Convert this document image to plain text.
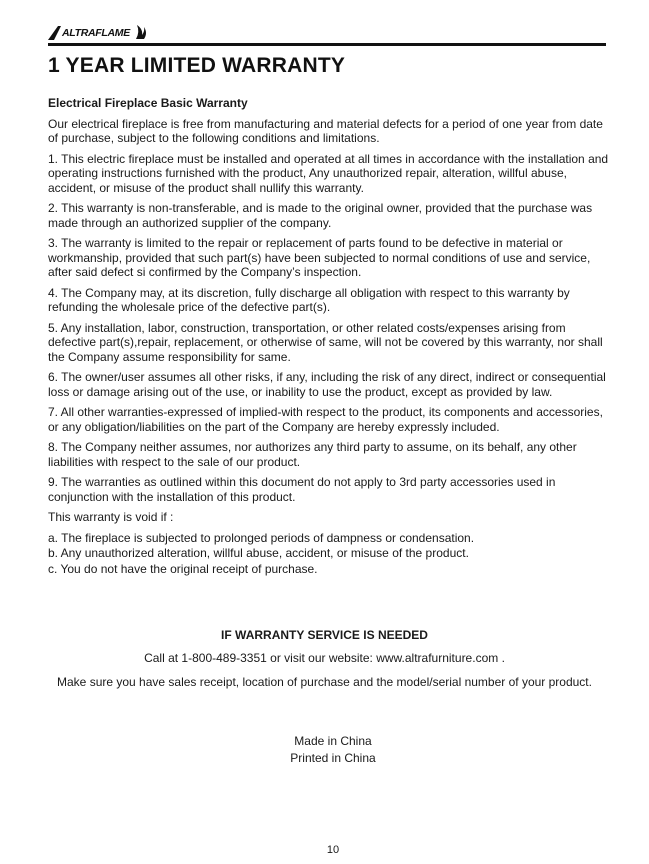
ALTRAFLAME
1 YEAR LIMITED WARRANTY

Electrical Fireplace Basic Warranty

Our electrical fireplace is free from manufacturing and material defects for a period of one year from date of purchase, subject to the following conditions and limitations.

1. This electric fireplace must be installed and operated at all times in accordance with the installation and operating instructions furnished with the product, Any unauthorized repair, alteration, willful abuse, accident, or misuse of the product shall nullify this warranty.
2. This warranty is non-transferable, and is made to the original owner, provided that the purchase was made through an authorized supplier of the company.
3. The warranty is limited to the repair or replacement of parts found to be defective in material or workmanship, provided that such part(s) have been subjected to normal conditions of use and service, after said defect si confirmed by the Company’s inspection.
4. The Company may, at its discretion, fully discharge all obligation with respect to this warranty by refunding the wholesale price of the defective part(s).
5. Any installation, labor, construction, transportation, or other related costs/expenses arising from defective part(s),repair, replacement, or otherwise of same, will not be covered by this warranty, nor shall the Company assume responsibility for same.
6. The owner/user assumes all other risks, if any, including the risk of any direct, indirect or consequential loss or damage arising out of the use, or inability to use the product, except as provided by law.
7. All other warranties-expressed of implied-with respect to the product, its components and accessories, or any obligation/liabilities on the part of the Company are hereby expressly included.
8. The Company neither assumes, nor authorizes any third party to assume, on its behalf, any other liabilities with respect to the sale of our product.
9. The warranties as outlined within this document do not apply to 3rd party accessories used in conjunction with the installation of this product.

This warranty is void if :

a. The fireplace is subjected to prolonged periods of dampness or condensation.

b. Any unauthorized alteration, willful abuse, accident, or misuse of the product.

c. You do not have the original receipt of purchase.

IF WARRANTY SERVICE IS NEEDED
Call at 1-800-489-3351 or visit our website: www.altrafurniture.com .
Make sure you have sales receipt, location of purchase and the model/serial number of your product.
Made in China
Printed in China
10
